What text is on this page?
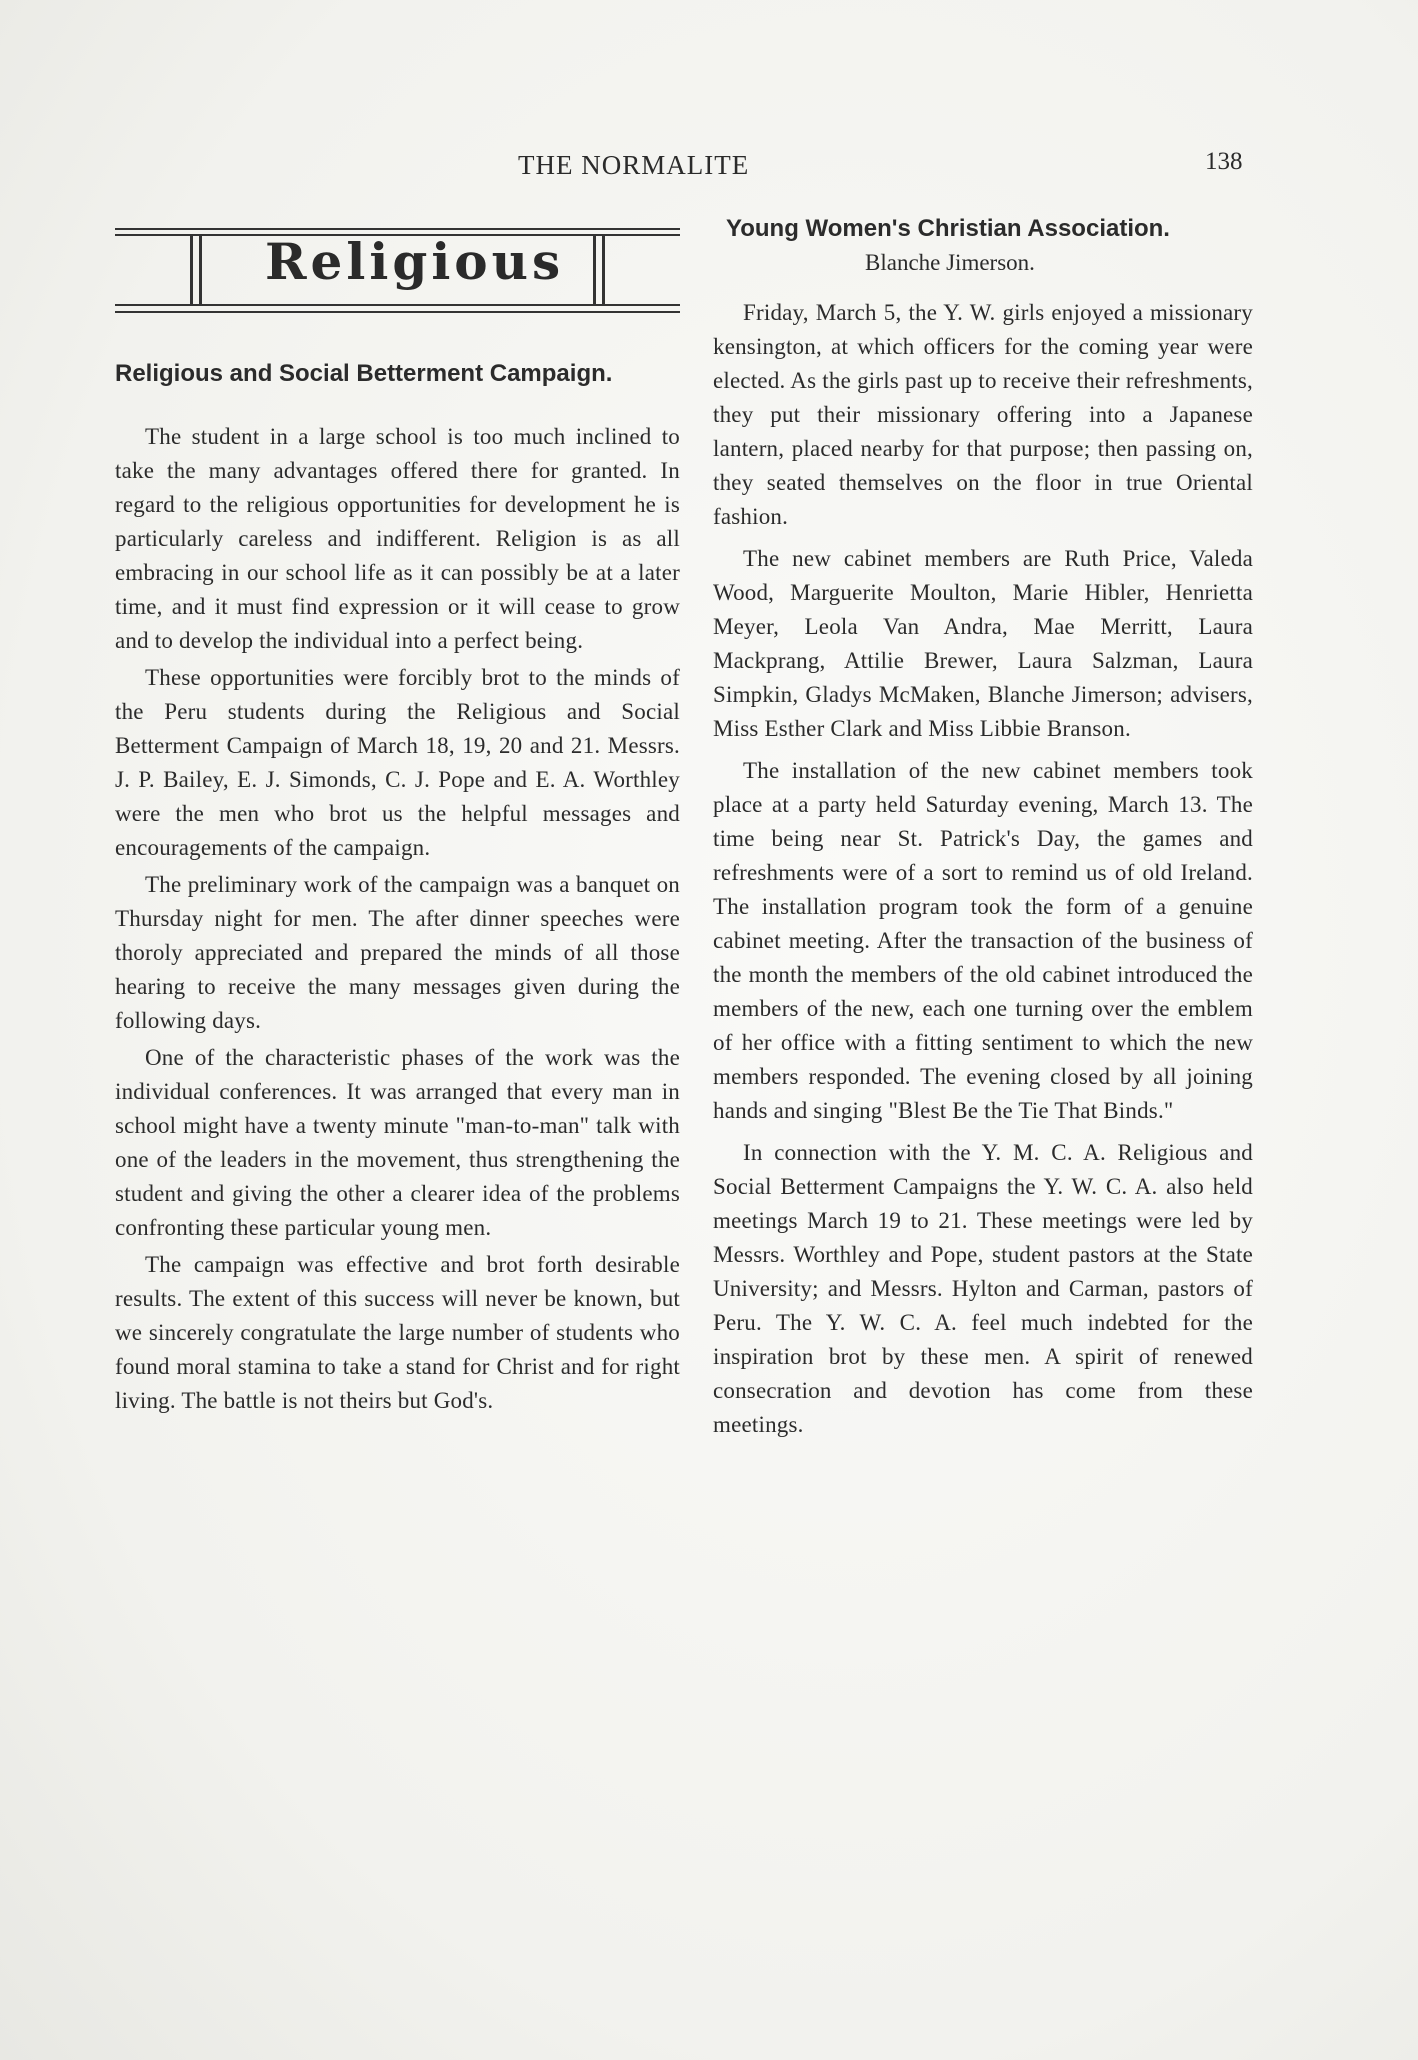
THE NORMALITE	138
Religious
Religious and Social Betterment Campaign.

The student in a large school is too much inclined to take the many advantages offered there for granted. In regard to the religious opportunities for development he is particularly careless and indifferent. Religion is as all embracing in our school life as it can possibly be at a later time, and it must find expression or it will cease to grow and to develop the individual into a perfect being.

These opportunities were forcibly brot to the minds of the Peru students during the Religious and Social Betterment Campaign of March 18, 19, 20 and 21. Messrs. J. P. Bailey, E. J. Simonds, C. J. Pope and E. A. Worthley were the men who brot us the helpful messages and encouragements of the campaign.

The preliminary work of the campaign was a banquet on Thursday night for men. The after dinner speeches were thoroly appreciated and prepared the minds of all those hearing to receive the many messages given during the following days.

One of the characteristic phases of the work was the individual conferences. It was arranged that every man in school might have a twenty minute "man-to-man" talk with one of the leaders in the movement, thus strengthening the student and giving the other a clearer idea of the problems confronting these particular young men.

The campaign was effective and brot forth desirable results. The extent of this success will never be known, but we sincerely congratulate the large number of students who found moral stamina to take a stand for Christ and for right living. The battle is not theirs but God's.

Young Women's Christian Association.
Blanche Jimerson.

Friday, March 5, the Y. W. girls enjoyed a missionary kensington, at which officers for the coming year were elected. As the girls past up to receive their refreshments, they put their missionary offering into a Japanese lantern, placed nearby for that purpose; then passing on, they seated themselves on the floor in true Oriental fashion.

The new cabinet members are Ruth Price, Valeda Wood, Marguerite Moulton, Marie Hibler, Henrietta Meyer, Leola Van Andra, Mae Merritt, Laura Mackprang, Attilie Brewer, Laura Salzman, Laura Simpkin, Gladys McMaken, Blanche Jimerson; advisers, Miss Esther Clark and Miss Libbie Branson.

The installation of the new cabinet members took place at a party held Saturday evening, March 13. The time being near St. Patrick's Day, the games and refreshments were of a sort to remind us of old Ireland. The installation program took the form of a genuine cabinet meeting. After the transaction of the business of the month the members of the old cabinet introduced the members of the new, each one turning over the emblem of her office with a fitting sentiment to which the new members responded. The evening closed by all joining hands and singing "Blest Be the Tie That Binds."

In connection with the Y. M. C. A. Religious and Social Betterment Campaigns the Y. W. C. A. also held meetings March 19 to 21. These meetings were led by Messrs. Worthley and Pope, student pastors at the State University; and Messrs. Hylton and Carman, pastors of Peru. The Y. W. C. A. feel much indebted for the inspiration brot by these men. A spirit of renewed consecration and devotion has come from these meetings.
